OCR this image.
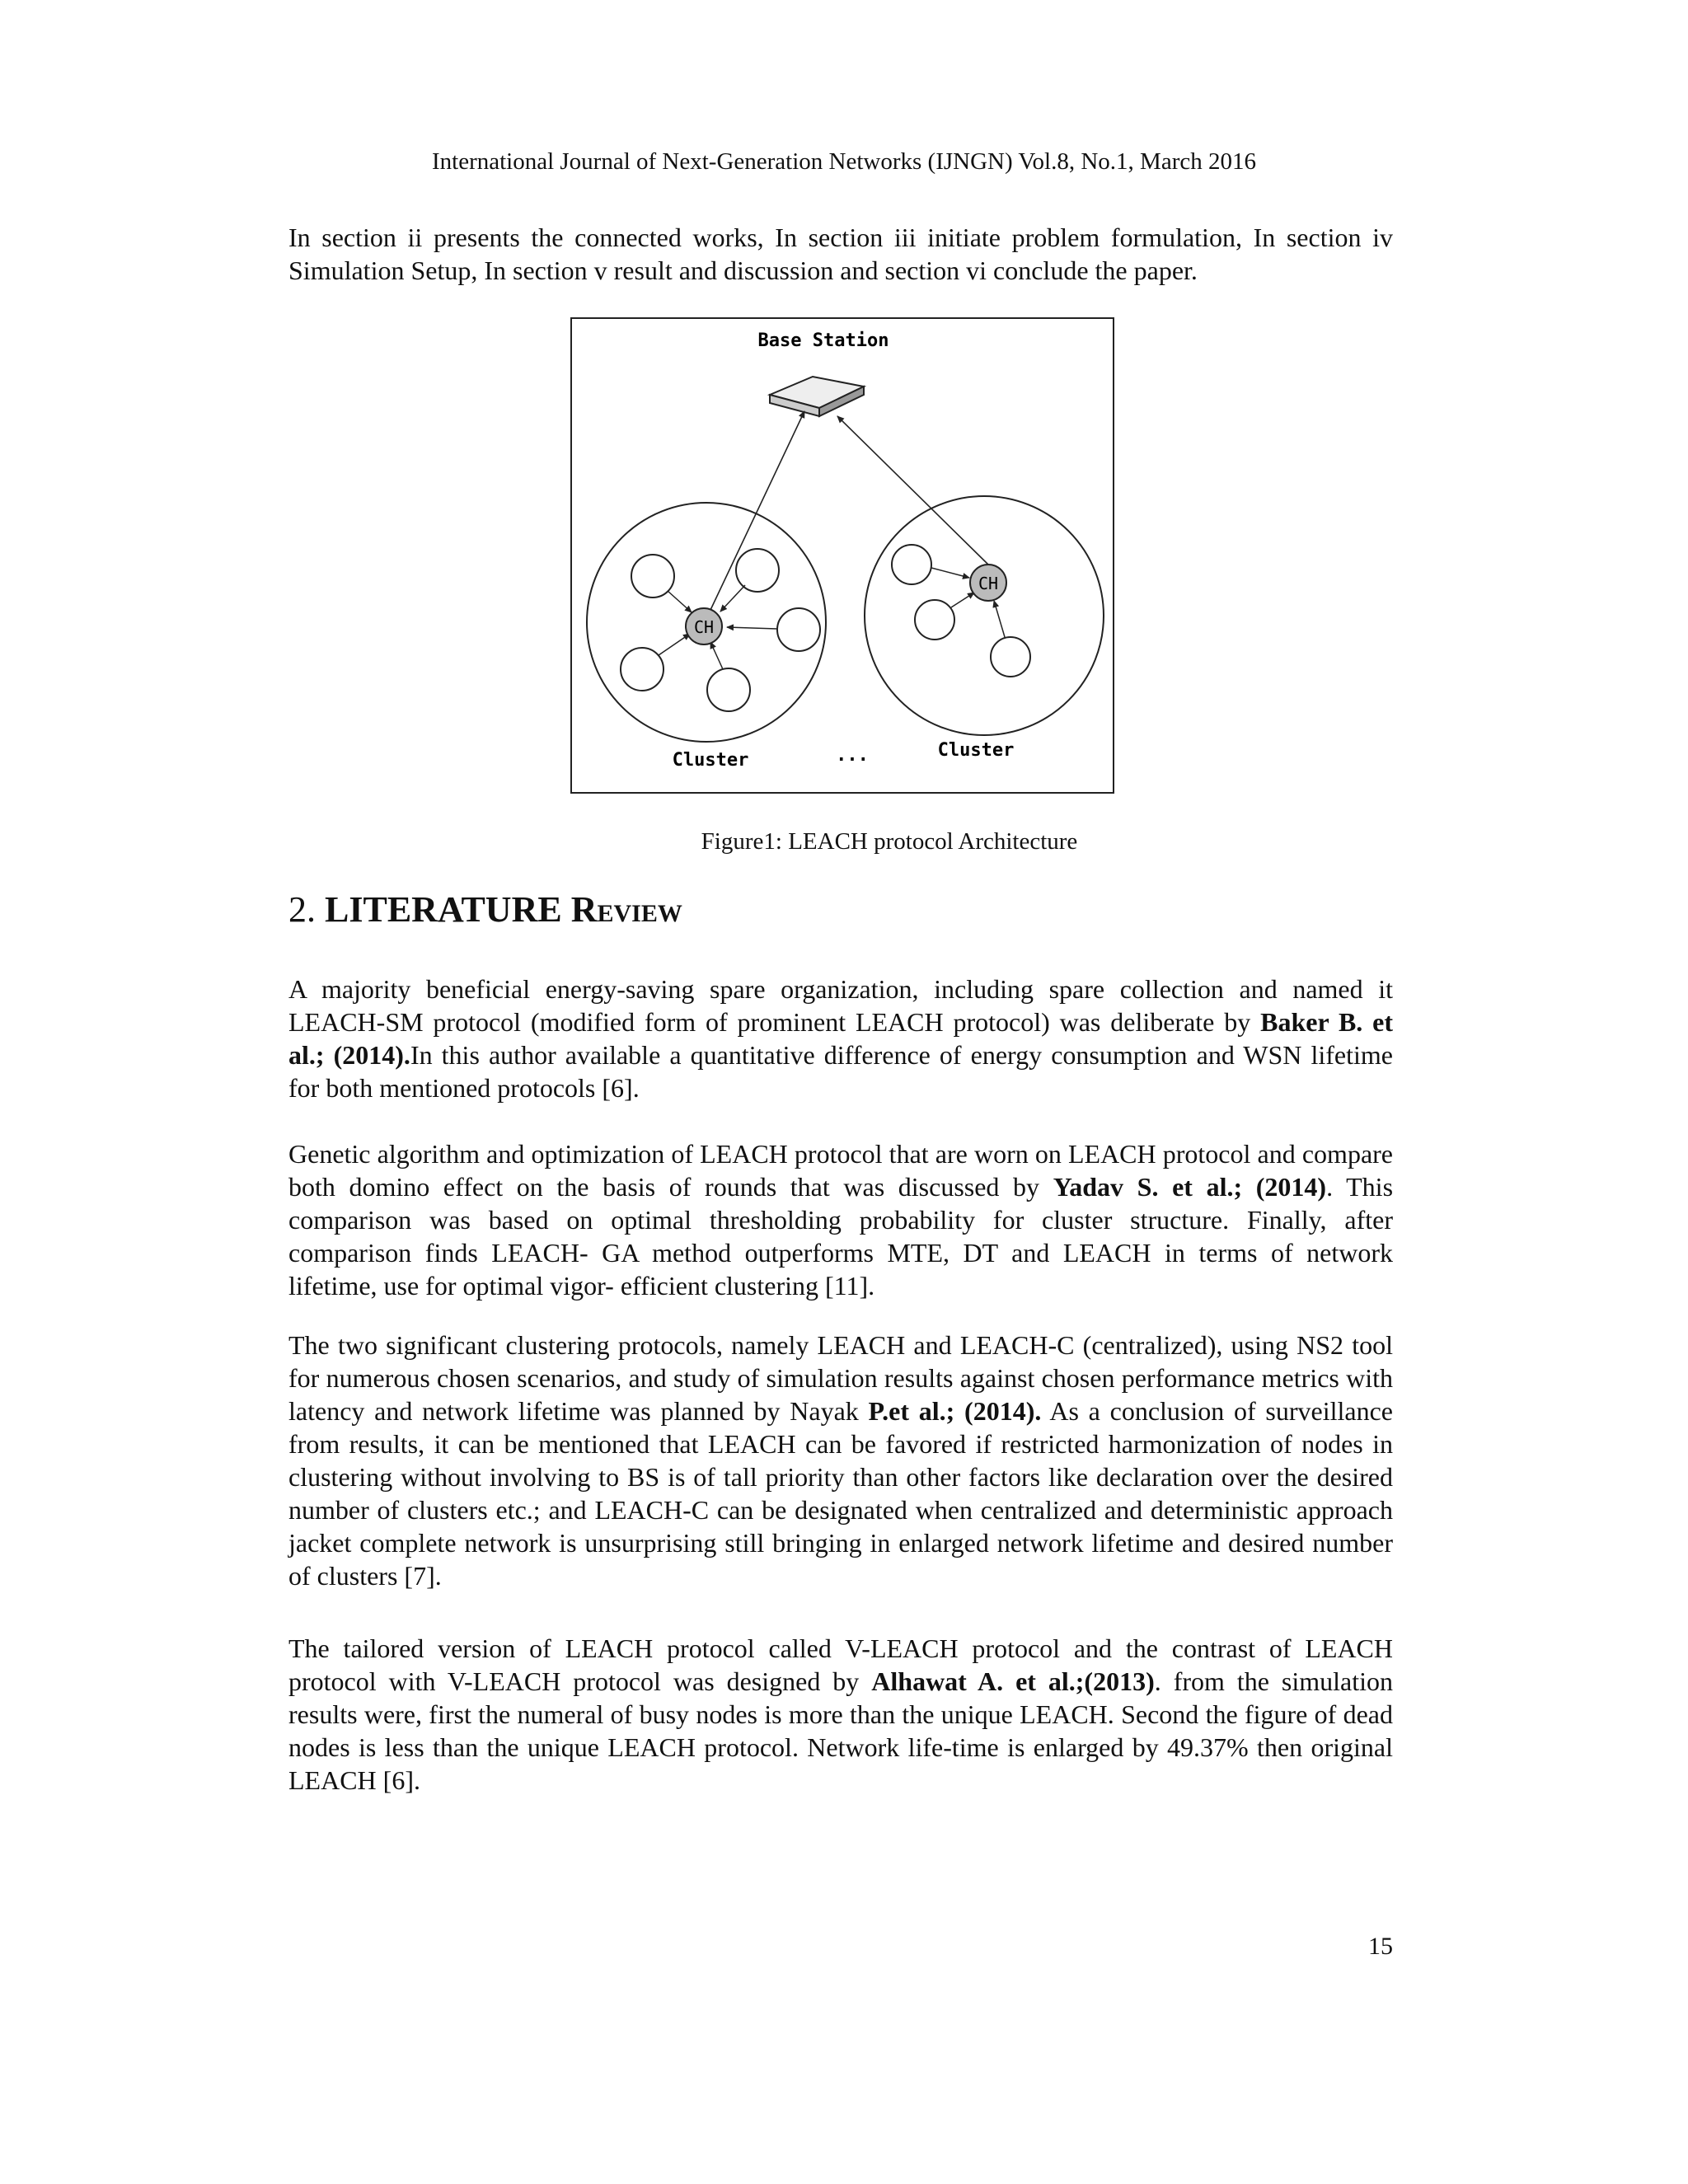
International Journal of Next-Generation Networks (IJNGN) Vol.8, No.1, March 2016
In section ii presents the connected works, In section iii initiate problem formulation, In section iv Simulation Setup, In section v result and discussion and section vi conclude the paper.
Base Station
CH
CH
Cluster	...	Cluster
Figure1: LEACH protocol Architecture
2. LITERATURE REVIEW
A majority beneficial energy-saving spare organization, including spare collection and named it LEACH-SM protocol (modified form of prominent LEACH protocol) was deliberate by Baker B. et al.; (2014).In this author available a quantitative difference of energy consumption and WSN lifetime for both mentioned protocols [6].
Genetic algorithm and optimization of LEACH protocol that are worn on LEACH protocol and compare both domino effect on the basis of rounds that was discussed by Yadav S. et al.; (2014). This comparison was based on optimal thresholding probability for cluster structure. Finally, after comparison finds LEACH- GA method outperforms MTE, DT and LEACH in terms of network lifetime, use for optimal vigor- efficient clustering [11].
The two significant clustering protocols, namely LEACH and LEACH-C (centralized), using NS2 tool for numerous chosen scenarios, and study of simulation results against chosen performance metrics with latency and network lifetime was planned by Nayak P.et al.; (2014). As a conclusion of surveillance from results, it can be mentioned that LEACH can be favored if restricted harmonization of nodes in clustering without involving to BS is of tall priority than other factors like declaration over the desired number of clusters etc.; and LEACH-C can be designated when centralized and deterministic approach jacket complete network is unsurprising still bringing in enlarged network lifetime and desired number of clusters [7].
The tailored version of LEACH protocol called V-LEACH protocol and the contrast of LEACH protocol with V-LEACH protocol was designed by Alhawat A. et al.;(2013). from the simulation results were, first the numeral of busy nodes is more than the unique LEACH. Second the figure of dead nodes is less than the unique LEACH protocol. Network life-time is enlarged by 49.37% then original LEACH [6].
15
